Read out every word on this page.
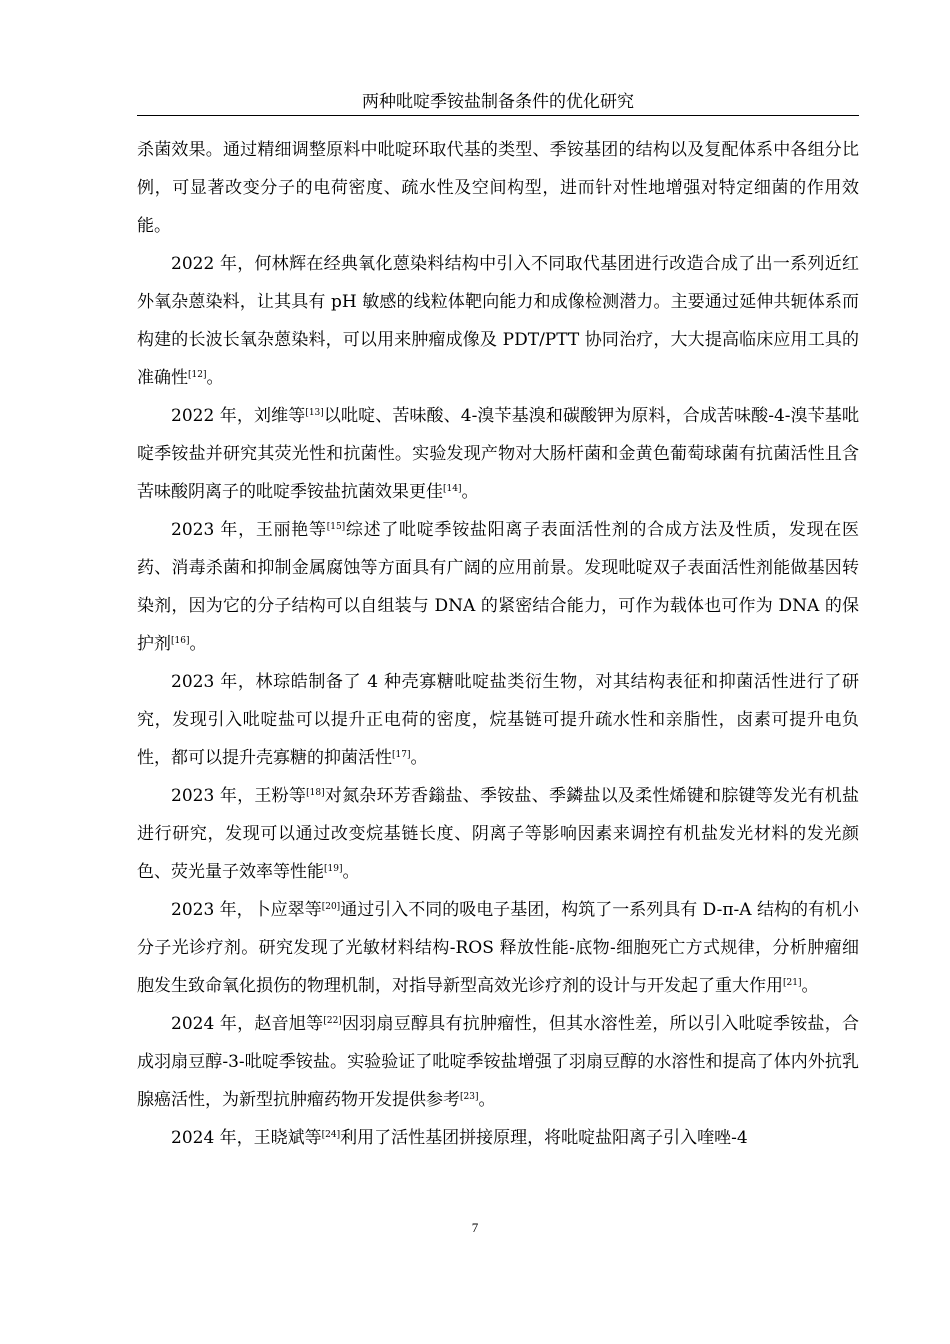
两种吡啶季铵盐制备条件的优化研究

杀菌效果。通过精细调整原料中吡啶环取代基的类型、季铵基团的结构以及复配体系中各组分比例，可显著改变分子的电荷密度、疏水性及空间构型，进而针对性地增强对特定细菌的作用效能。

2022 年，何林辉在经典氧化蒽染料结构中引入不同取代基团进行改造合成了出一系列近红外氧杂蒽染料，让其具有 pH 敏感的线粒体靶向能力和成像检测潜力。主要通过延伸共轭体系而构建的长波长氧杂蒽染料，可以用来肿瘤成像及 PDT/PTT 协同治疗，大大提高临床应用工具的准确性[12]。

2022 年，刘维等[13]以吡啶、苦味酸、4-溴苄基溴和碳酸钾为原料，合成苦味酸-4-溴苄基吡啶季铵盐并研究其荧光性和抗菌性。实验发现产物对大肠杆菌和金黄色葡萄球菌有抗菌活性且含苦味酸阴离子的吡啶季铵盐抗菌效果更佳[14]。

2023 年，王丽艳等[15]综述了吡啶季铵盐阳离子表面活性剂的合成方法及性质，发现在医药、消毒杀菌和抑制金属腐蚀等方面具有广阔的应用前景。发现吡啶双子表面活性剂能做基因转染剂，因为它的分子结构可以自组装与 DNA 的紧密结合能力，可作为载体也可作为 DNA 的保护剂[16]。

2023 年，林琮皓制备了 4 种壳寡糖吡啶盐类衍生物，对其结构表征和抑菌活性进行了研究，发现引入吡啶盐可以提升正电荷的密度，烷基链可提升疏水性和亲脂性，卤素可提升电负性，都可以提升壳寡糖的抑菌活性[17]。

2023 年，王粉等[18]对氮杂环芳香鎓盐、季铵盐、季鏻盐以及柔性烯键和腙键等发光有机盐进行研究，发现可以通过改变烷基链长度、阴离子等影响因素来调控有机盐发光材料的发光颜色、荧光量子效率等性能[19]。

2023 年，卜应翠等[20]通过引入不同的吸电子基团，构筑了一系列具有 D-π-A 结构的有机小分子光诊疗剂。研究发现了光敏材料结构-ROS 释放性能-底物-细胞死亡方式规律，分析肿瘤细胞发生致命氧化损伤的物理机制，对指导新型高效光诊疗剂的设计与开发起了重大作用[21]。

2024 年，赵音旭等[22]因羽扇豆醇具有抗肿瘤性，但其水溶性差，所以引入吡啶季铵盐，合成羽扇豆醇-3-吡啶季铵盐。实验验证了吡啶季铵盐增强了羽扇豆醇的水溶性和提高了体内外抗乳腺癌活性，为新型抗肿瘤药物开发提供参考[23]。

2024 年，王晓斌等[24]利用了活性基团拼接原理，将吡啶盐阳离子引入喹唑-4

7
